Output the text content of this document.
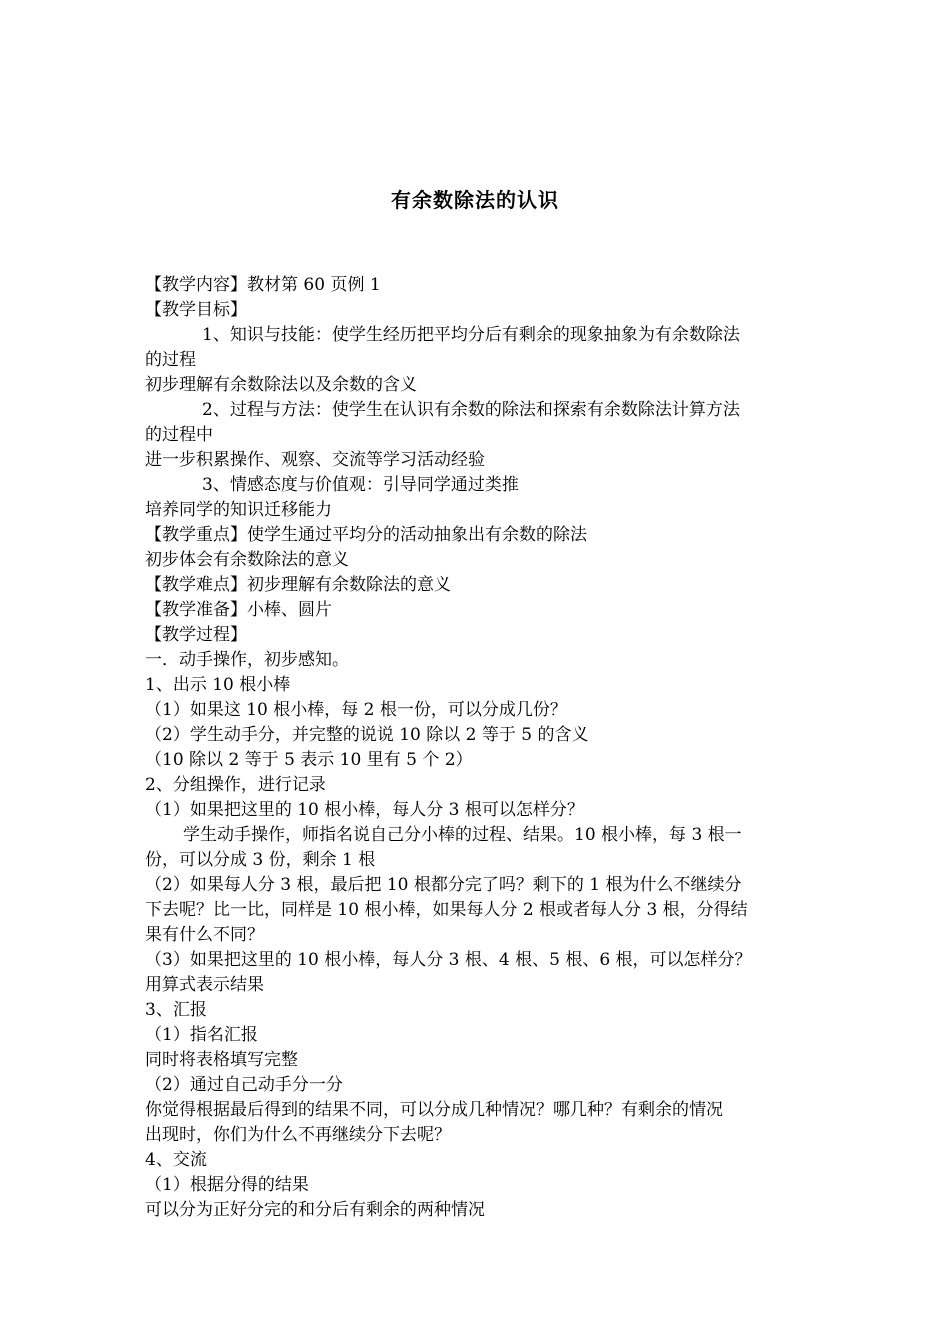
有余数除法的认识
【教学内容】教材第 60 页例 1
【教学目标】
1、知识与技能：使学生经历把平均分后有剩余的现象抽象为有余数除法
的过程
初步理解有余数除法以及余数的含义
2、过程与方法：使学生在认识有余数的除法和探索有余数除法计算方法
的过程中
进一步积累操作、观察、交流等学习活动经验
3、情感态度与价值观：引导同学通过类推
培养同学的知识迁移能力
【教学重点】使学生通过平均分的活动抽象出有余数的除法
初步体会有余数除法的意义
【教学难点】初步理解有余数除法的意义
【教学准备】小棒、圆片
【教学过程】
一．动手操作，初步感知。
1、出示 10 根小棒
（1）如果这 10 根小棒，每 2 根一份，可以分成几份？
（2）学生动手分，并完整的说说 10 除以 2 等于 5 的含义
（10 除以 2 等于 5 表示 10 里有 5 个 2）
2、分组操作，进行记录
（1）如果把这里的 10 根小棒，每人分 3 根可以怎样分？
学生动手操作，师指名说自己分小棒的过程、结果。10 根小棒，每 3 根一
份，可以分成 3 份，剩余 1 根
（2）如果每人分 3 根，最后把 10 根都分完了吗？剩下的 1 根为什么不继续分
下去呢？比一比，同样是 10 根小棒，如果每人分 2 根或者每人分 3 根，分得结
果有什么不同？
（3）如果把这里的 10 根小棒，每人分 3 根、4 根、5 根、6 根，可以怎样分？
用算式表示结果
3、汇报
（1）指名汇报
同时将表格填写完整
（2）通过自己动手分一分
你觉得根据最后得到的结果不同，可以分成几种情况？哪几种？有剩余的情况
出现时，你们为什么不再继续分下去呢？
4、交流
（1）根据分得的结果
可以分为正好分完的和分后有剩余的两种情况
